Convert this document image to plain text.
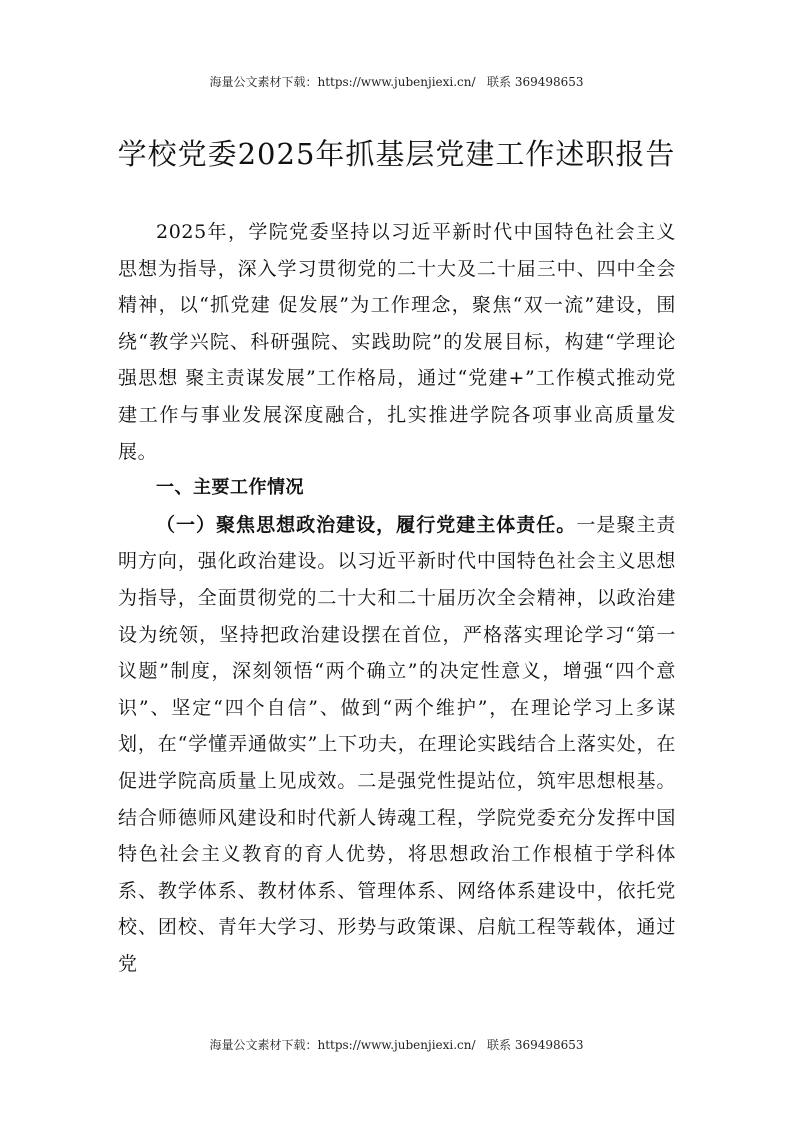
海量公文素材下载：https://www.jubenjiexi.cn/ 联系 369498653
学校党委2025年抓基层党建工作述职报告

2025年，学院党委坚持以习近平新时代中国特色社会主义思想为指导，深入学习贯彻党的二十大及二十届三中、四中全会精神，以“抓党建 促发展”为工作理念，聚焦“双一流”建设，围绕“教学兴院、科研强院、实践助院”的发展目标，构建“学理论强思想 聚主责谋发展”工作格局，通过“党建+”工作模式推动党建工作与事业发展深度融合，扎实推进学院各项事业高质量发展。

一、主要工作情况

（一）聚焦思想政治建设，履行党建主体责任。一是聚主责明方向，强化政治建设。以习近平新时代中国特色社会主义思想为指导，全面贯彻党的二十大和二十届历次全会精神，以政治建设为统领，坚持把政治建设摆在首位，严格落实理论学习“第一议题”制度，深刻领悟“两个确立”的决定性意义，增强“四个意识”、坚定“四个自信”、做到“两个维护”，在理论学习上多谋划，在“学懂弄通做实”上下功夫，在理论实践结合上落实处，在促进学院高质量上见成效。二是强党性提站位，筑牢思想根基。结合师德师风建设和时代新人铸魂工程，学院党委充分发挥中国特色社会主义教育的育人优势，将思想政治工作根植于学科体系、教学体系、教材体系、管理体系、网络体系建设中，依托党校、团校、青年大学习、形势与政策课、启航工程等载体，通过党

海量公文素材下载：https://www.jubenjiexi.cn/ 联系 369498653
